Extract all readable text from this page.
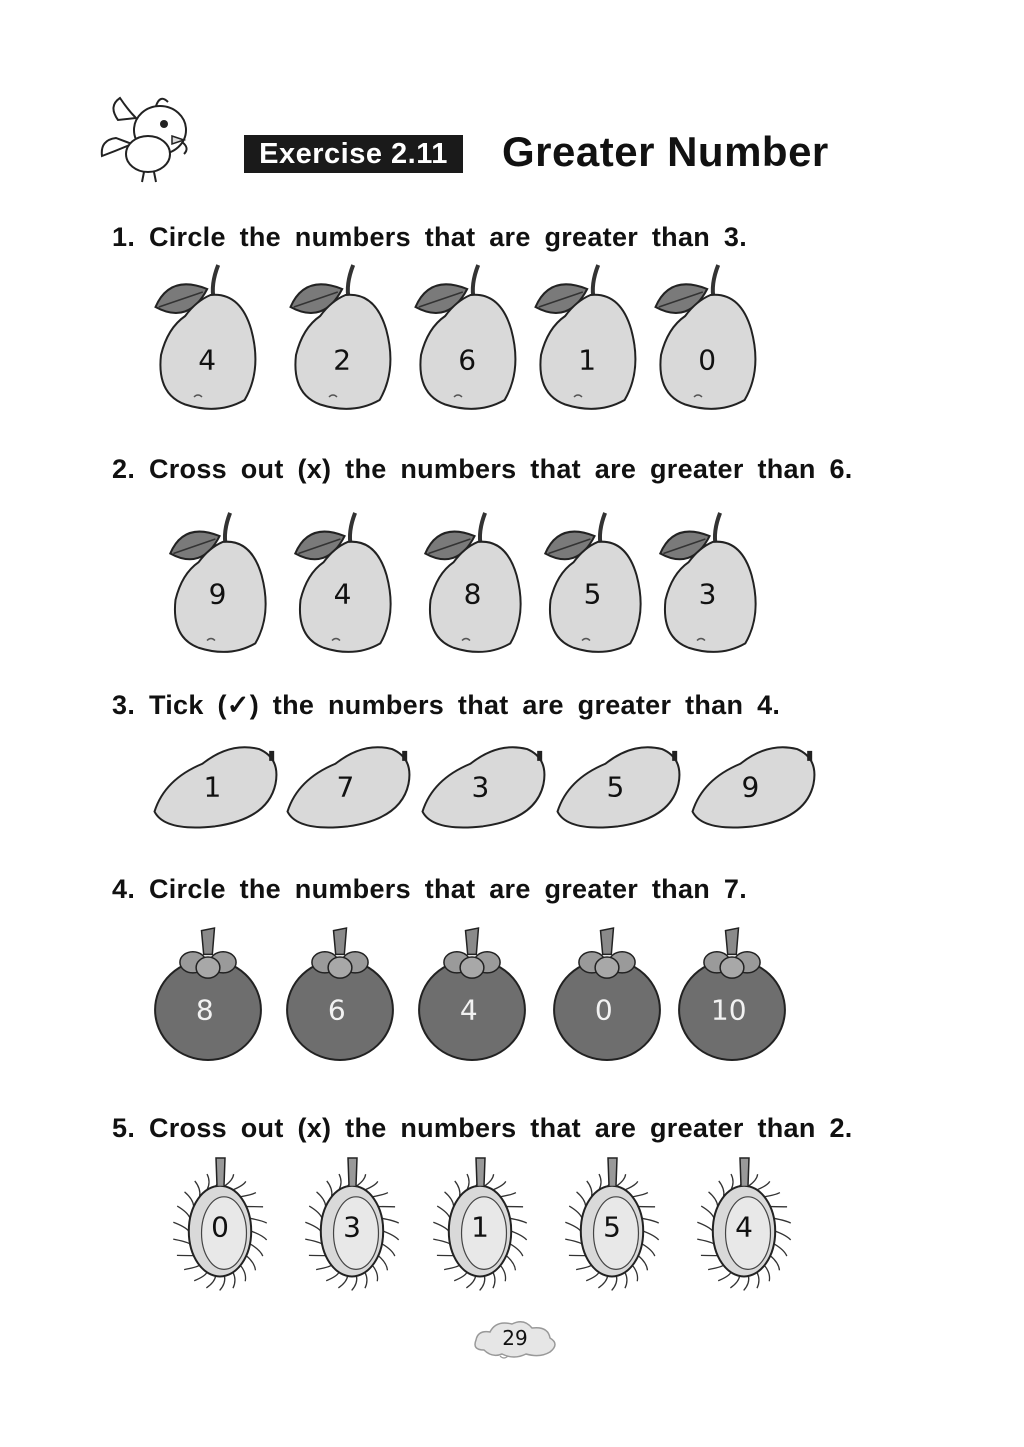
Exercise 2.11	Greater Number
1. Circle the numbers that are greater than 3.
2. Cross out (x) the numbers that are greater than 6.
3. Tick (✓) the numbers that are greater than 4.
4. Circle the numbers that are greater than 7.
5. Cross out (x) the numbers that are greater than 2.
4	2	6	1	0
9	4	8	5	3
1	7	3	5	9
8	6	4	0	10
0	3	1	5	4
29
